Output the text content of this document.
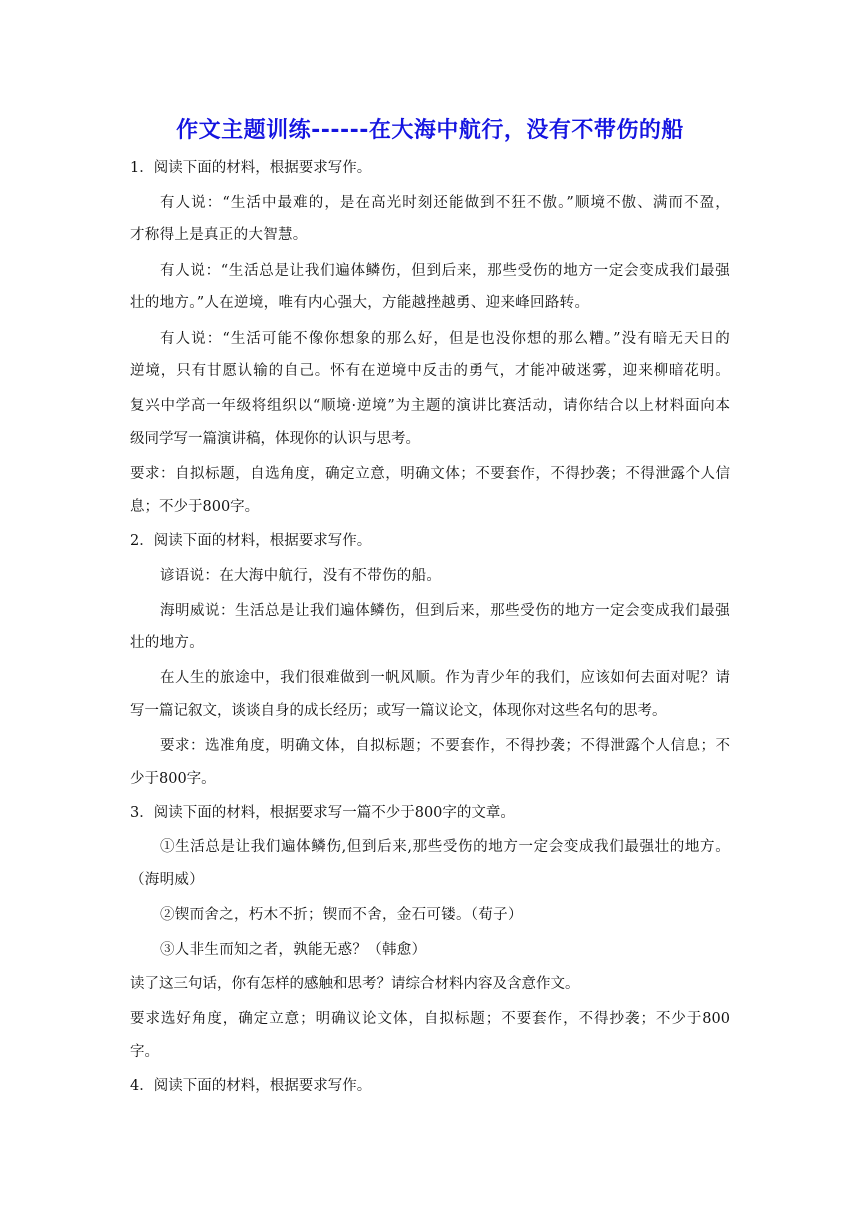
作文主题训练------在大海中航行，没有不带伤的船
1．阅读下面的材料，根据要求写作。
有人说：“生活中最难的，是在高光时刻还能做到不狂不傲。”顺境不傲、满而不盈，
才称得上是真正的大智慧。
有人说：“生活总是让我们遍体鳞伤，但到后来，那些受伤的地方一定会变成我们最强
壮的地方。”人在逆境，唯有内心强大，方能越挫越勇、迎来峰回路转。
有人说：“生活可能不像你想象的那么好，但是也没你想的那么糟。”没有暗无天日的
逆境，只有甘愿认输的自己。怀有在逆境中反击的勇气，才能冲破迷雾，迎来柳暗花明。
复兴中学高一年级将组织以“顺境·逆境”为主题的演讲比赛活动，请你结合以上材料面向本
级同学写一篇演讲稿，体现你的认识与思考。
要求：自拟标题，自选角度，确定立意，明确文体；不要套作，不得抄袭；不得泄露个人信
息；不少于800字。
2．阅读下面的材料，根据要求写作。
谚语说：在大海中航行，没有不带伤的船。
海明威说：生活总是让我们遍体鳞伤，但到后来，那些受伤的地方一定会变成我们最强
壮的地方。
在人生的旅途中，我们很难做到一帆风顺。作为青少年的我们，应该如何去面对呢？请
写一篇记叙文，谈谈自身的成长经历；或写一篇议论文，体现你对这些名句的思考。
要求：选准角度，明确文体，自拟标题；不要套作，不得抄袭；不得泄露个人信息；不
少于800字。
3．阅读下面的材料，根据要求写一篇不少于800字的文章。
①生活总是让我们遍体鳞伤,但到后来,那些受伤的地方一定会变成我们最强壮的地方。
（海明威）
②锲而舍之，朽木不折；锲而不舍，金石可镂。（荀子）
③人非生而知之者，孰能无惑？（韩愈）
读了这三句话，你有怎样的感触和思考？请综合材料内容及含意作文。
要求选好角度，确定立意；明确议论文体，自拟标题；不要套作，不得抄袭；不少于800
字。
4．阅读下面的材料，根据要求写作。
